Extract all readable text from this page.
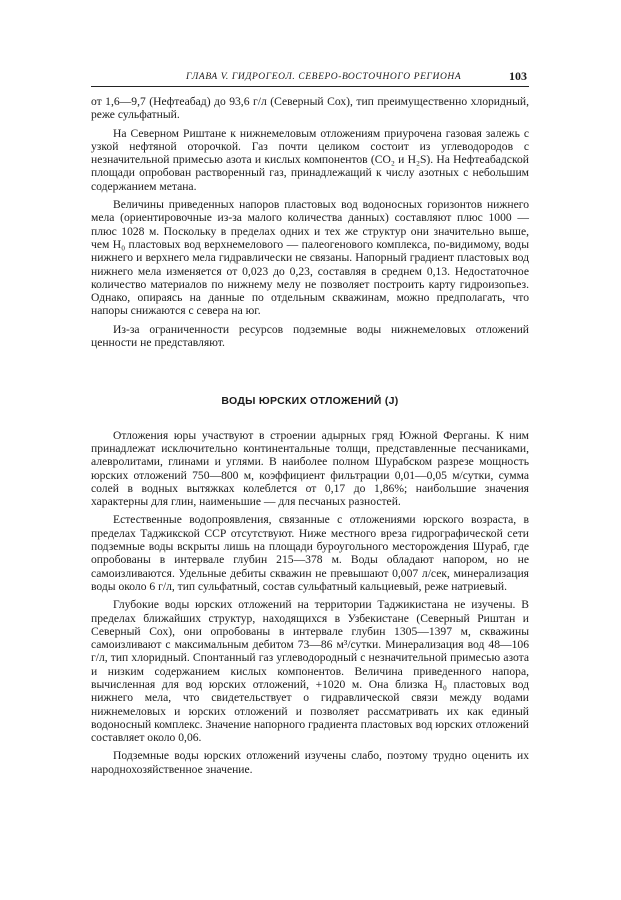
ГЛАВА V. ГИДРОГЕОЛ. СЕВЕРО-ВОСТОЧНОГО РЕГИОНА	103

от 1,6—9,7 (Нефтеабад) до 93,6 г/л (Северный Сох), тип преимущественно хлоридный, реже сульфатный.

На Северном Риштане к нижнемеловым отложениям приурочена газовая залежь с узкой нефтяной оторочкой. Газ почти целиком состоит из углеводородов с незначительной примесью азота и кислых компонентов (CO₂ и H₂S). На Нефтеабадской площади опробован растворенный газ, принадлежащий к числу азотных с небольшим содержанием метана.

Величины приведенных напоров пластовых вод водоносных горизонтов нижнего мела (ориентировочные из-за малого количества данных) составляют плюс 1000 — плюс 1028 м. Поскольку в пределах одних и тех же структур они значительно выше, чем H₀ пластовых вод верхнемелового — палеогенового комплекса, по-видимому, воды нижнего и верхнего мела гидравлически не связаны. Напорный градиент пластовых вод нижнего мела изменяется от 0,023 до 0,23, составляя в среднем 0,13. Недостаточное количество материалов по нижнему мелу не позволяет построить карту гидроизопьез. Однако, опираясь на данные по отдельным скважинам, можно предполагать, что напоры снижаются с севера на юг.

Из-за ограниченности ресурсов подземные воды нижнемеловых отложений ценности не представляют.

ВОДЫ ЮРСКИХ ОТЛОЖЕНИЙ (J)

Отложения юры участвуют в строении адырных гряд Южной Ферганы. К ним принадлежат исключительно континентальные толщи, представленные песчаниками, алевролитами, глинами и углями. В наиболее полном Шурабском разрезе мощность юрских отложений 750—800 м, коэффициент фильтрации 0,01—0,05 м/сутки, сумма солей в водных вытяжках колеблется от 0,17 до 1,86%; наибольшие значения характерны для глин, наименьшие — для песчаных разностей.

Естественные водопроявления, связанные с отложениями юрского возраста, в пределах Таджикской ССР отсутствуют. Ниже местного вреза гидрографической сети подземные воды вскрыты лишь на площади буроугольного месторождения Шураб, где опробованы в интервале глубин 215—378 м. Воды обладают напором, но не самоизливаются. Удельные дебиты скважин не превышают 0,007 л/сек, минерализация воды около 6 г/л, тип сульфатный, состав сульфатный кальциевый, реже натриевый.

Глубокие воды юрских отложений на территории Таджикистана не изучены. В пределах ближайших структур, находящихся в Узбекистане (Северный Риштан и Северный Сох), они опробованы в интервале глубин 1305—1397 м, скважины самоизливают с максимальным дебитом 73—86 м³/сутки. Минерализация вод 48—106 г/л, тип хлоридный. Спонтанный газ углеводородный с незначительной примесью азота и низким содержанием кислых компонентов. Величина приведенного напора, вычисленная для вод юрских отложений, +1020 м. Она близка H₀ пластовых вод нижнего мела, что свидетельствует о гидравлической связи между водами нижнемеловых и юрских отложений и позволяет рассматривать их как единый водоносный комплекс. Значение напорного градиента пластовых вод юрских отложений составляет около 0,06.

Подземные воды юрских отложений изучены слабо, поэтому трудно оценить их народнохозяйственное значение.
